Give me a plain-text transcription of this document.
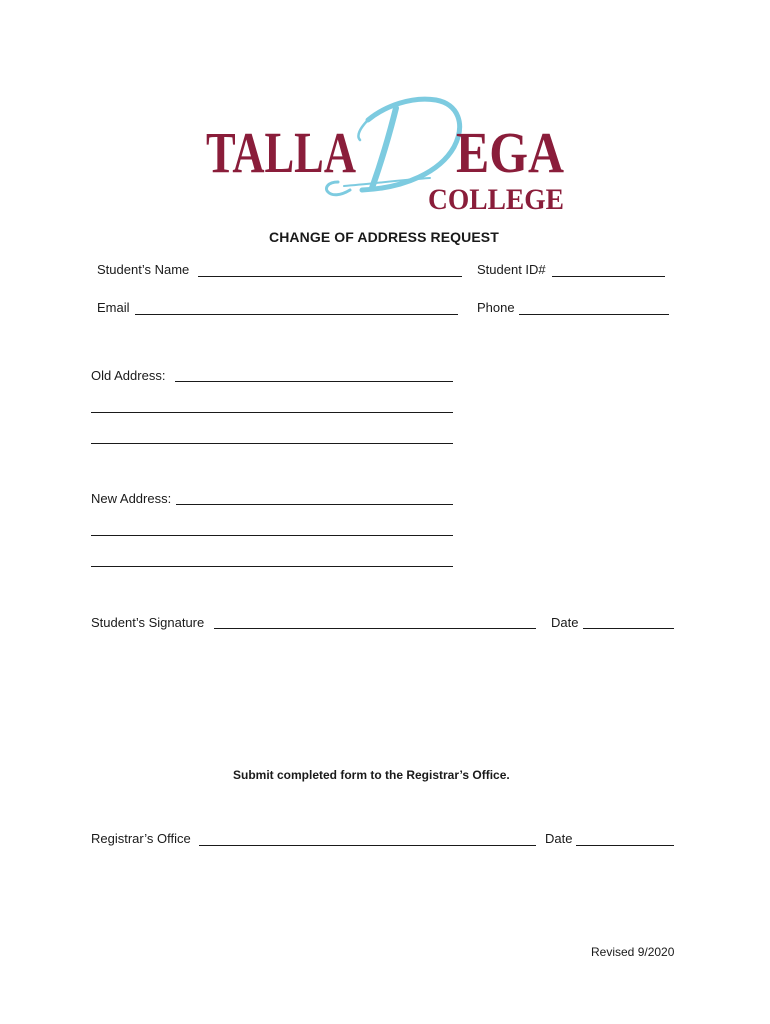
TALLA EGA
COLLEGE
CHANGE OF ADDRESS REQUEST
Student’s Name	Student ID#
Email	Phone
Old Address:
New Address:
Student’s Signature	Date
Submit completed form to the Registrar’s Office.
Registrar’s Office	Date
Revised 9/2020
